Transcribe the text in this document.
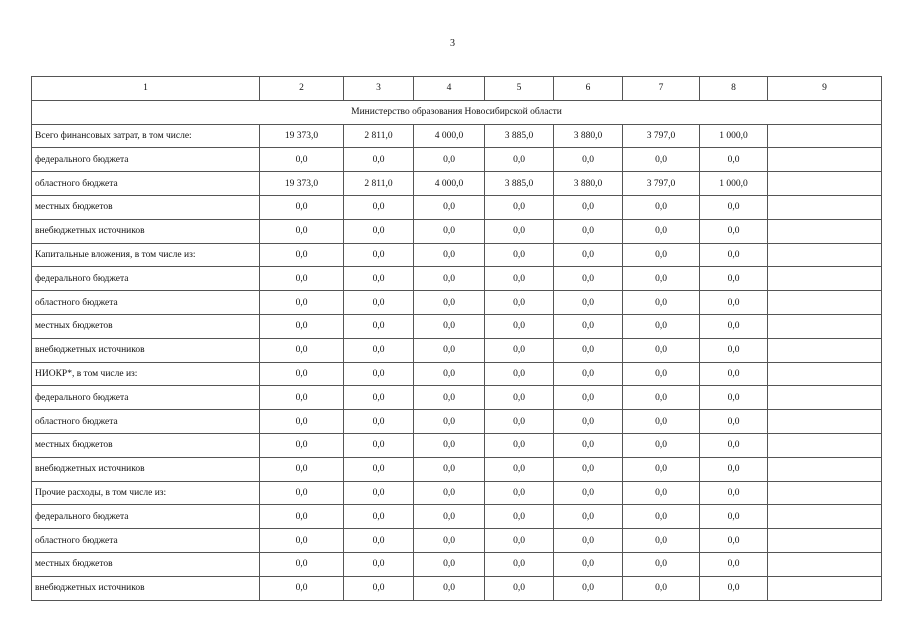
3
1	2	3	4	5	6	7	8	9
Министерство образования Новосибирской области								
Всего финансовых затрат, в том числе:	19 373,0	2 811,0	4 000,0	3 885,0	3 880,0	3 797,0	1 000,0	
федерального бюджета	0,0	0,0	0,0	0,0	0,0	0,0	0,0	
областного бюджета	19 373,0	2 811,0	4 000,0	3 885,0	3 880,0	3 797,0	1 000,0	
местных бюджетов	0,0	0,0	0,0	0,0	0,0	0,0	0,0	
внебюджетных источников	0,0	0,0	0,0	0,0	0,0	0,0	0,0	
Капитальные вложения, в том числе из:	0,0	0,0	0,0	0,0	0,0	0,0	0,0	
федерального бюджета	0,0	0,0	0,0	0,0	0,0	0,0	0,0	
областного бюджета	0,0	0,0	0,0	0,0	0,0	0,0	0,0	
местных бюджетов	0,0	0,0	0,0	0,0	0,0	0,0	0,0	
внебюджетных источников	0,0	0,0	0,0	0,0	0,0	0,0	0,0	
НИОКР*, в том числе из:	0,0	0,0	0,0	0,0	0,0	0,0	0,0	
федерального бюджета	0,0	0,0	0,0	0,0	0,0	0,0	0,0	
областного бюджета	0,0	0,0	0,0	0,0	0,0	0,0	0,0	
местных бюджетов	0,0	0,0	0,0	0,0	0,0	0,0	0,0	
внебюджетных источников	0,0	0,0	0,0	0,0	0,0	0,0	0,0	
Прочие расходы, в том числе из:	0,0	0,0	0,0	0,0	0,0	0,0	0,0	
федерального бюджета	0,0	0,0	0,0	0,0	0,0	0,0	0,0	
областного бюджета	0,0	0,0	0,0	0,0	0,0	0,0	0,0	
местных бюджетов	0,0	0,0	0,0	0,0	0,0	0,0	0,0	
внебюджетных источников	0,0	0,0	0,0	0,0	0,0	0,0	0,0	
